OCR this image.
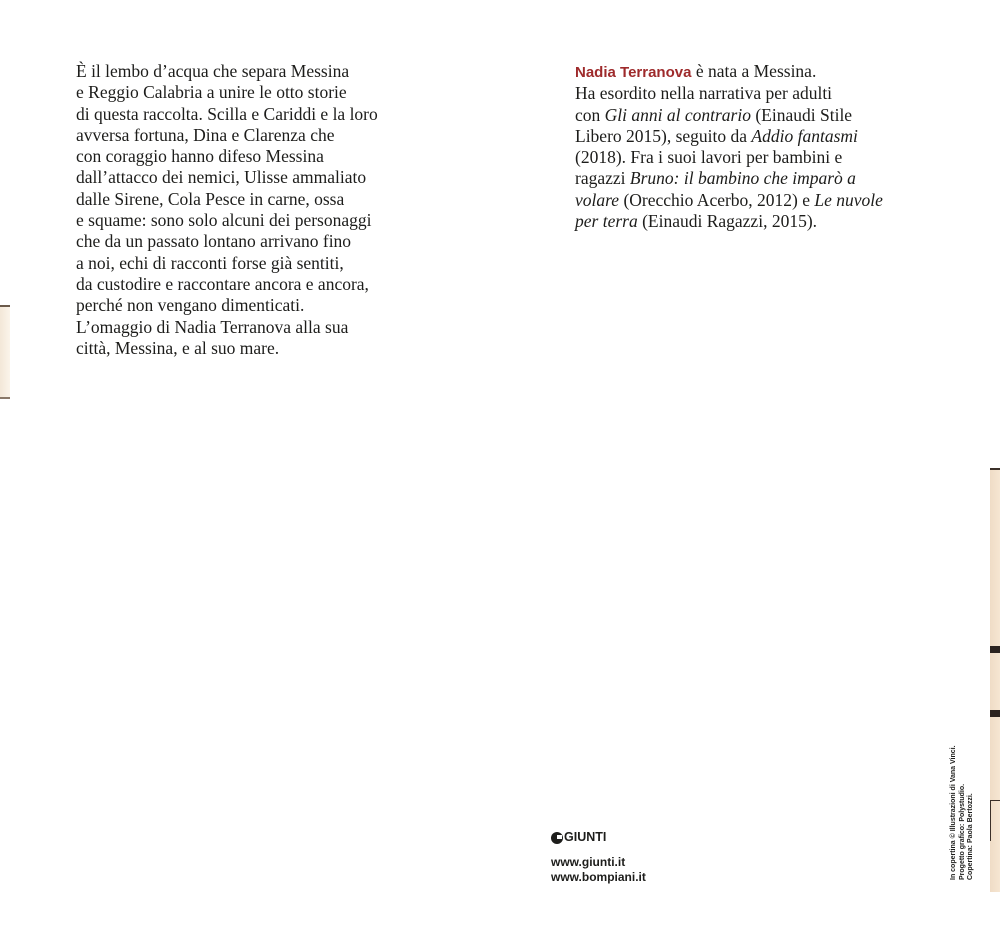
È il lembo d’acqua che separa Messina
e Reggio Calabria a unire le otto storie
di questa raccolta. Scilla e Cariddi e la loro
avversa fortuna, Dina e Clarenza che
con coraggio hanno difeso Messina
dall’attacco dei nemici, Ulisse ammaliato
dalle Sirene, Cola Pesce in carne, ossa
e squame: sono solo alcuni dei personaggi
che da un passato lontano arrivano fino
a noi, echi di racconti forse già sentiti,
da custodire e raccontare ancora e ancora,
perché non vengano dimenticati.
L’omaggio di Nadia Terranova alla sua
città, Messina, e al suo mare.
Nadia Terranova è nata a Messina.
Ha esordito nella narrativa per adulti
con Gli anni al contrario (Einaudi Stile
Libero 2015), seguito da Addio fantasmi
(2018). Fra i suoi lavori per bambini e
ragazzi Bruno: il bambino che imparò a
volare (Orecchio Acerbo, 2012) e Le nuvole
per terra (Einaudi Ragazzi, 2015).
GIUNTI
www.giunti.it
www.bompiani.it	In copertina © Illustrazioni di Vana Vinci. Progetto grafico: Polystudio. Copertina: Paola Bertozzi.
